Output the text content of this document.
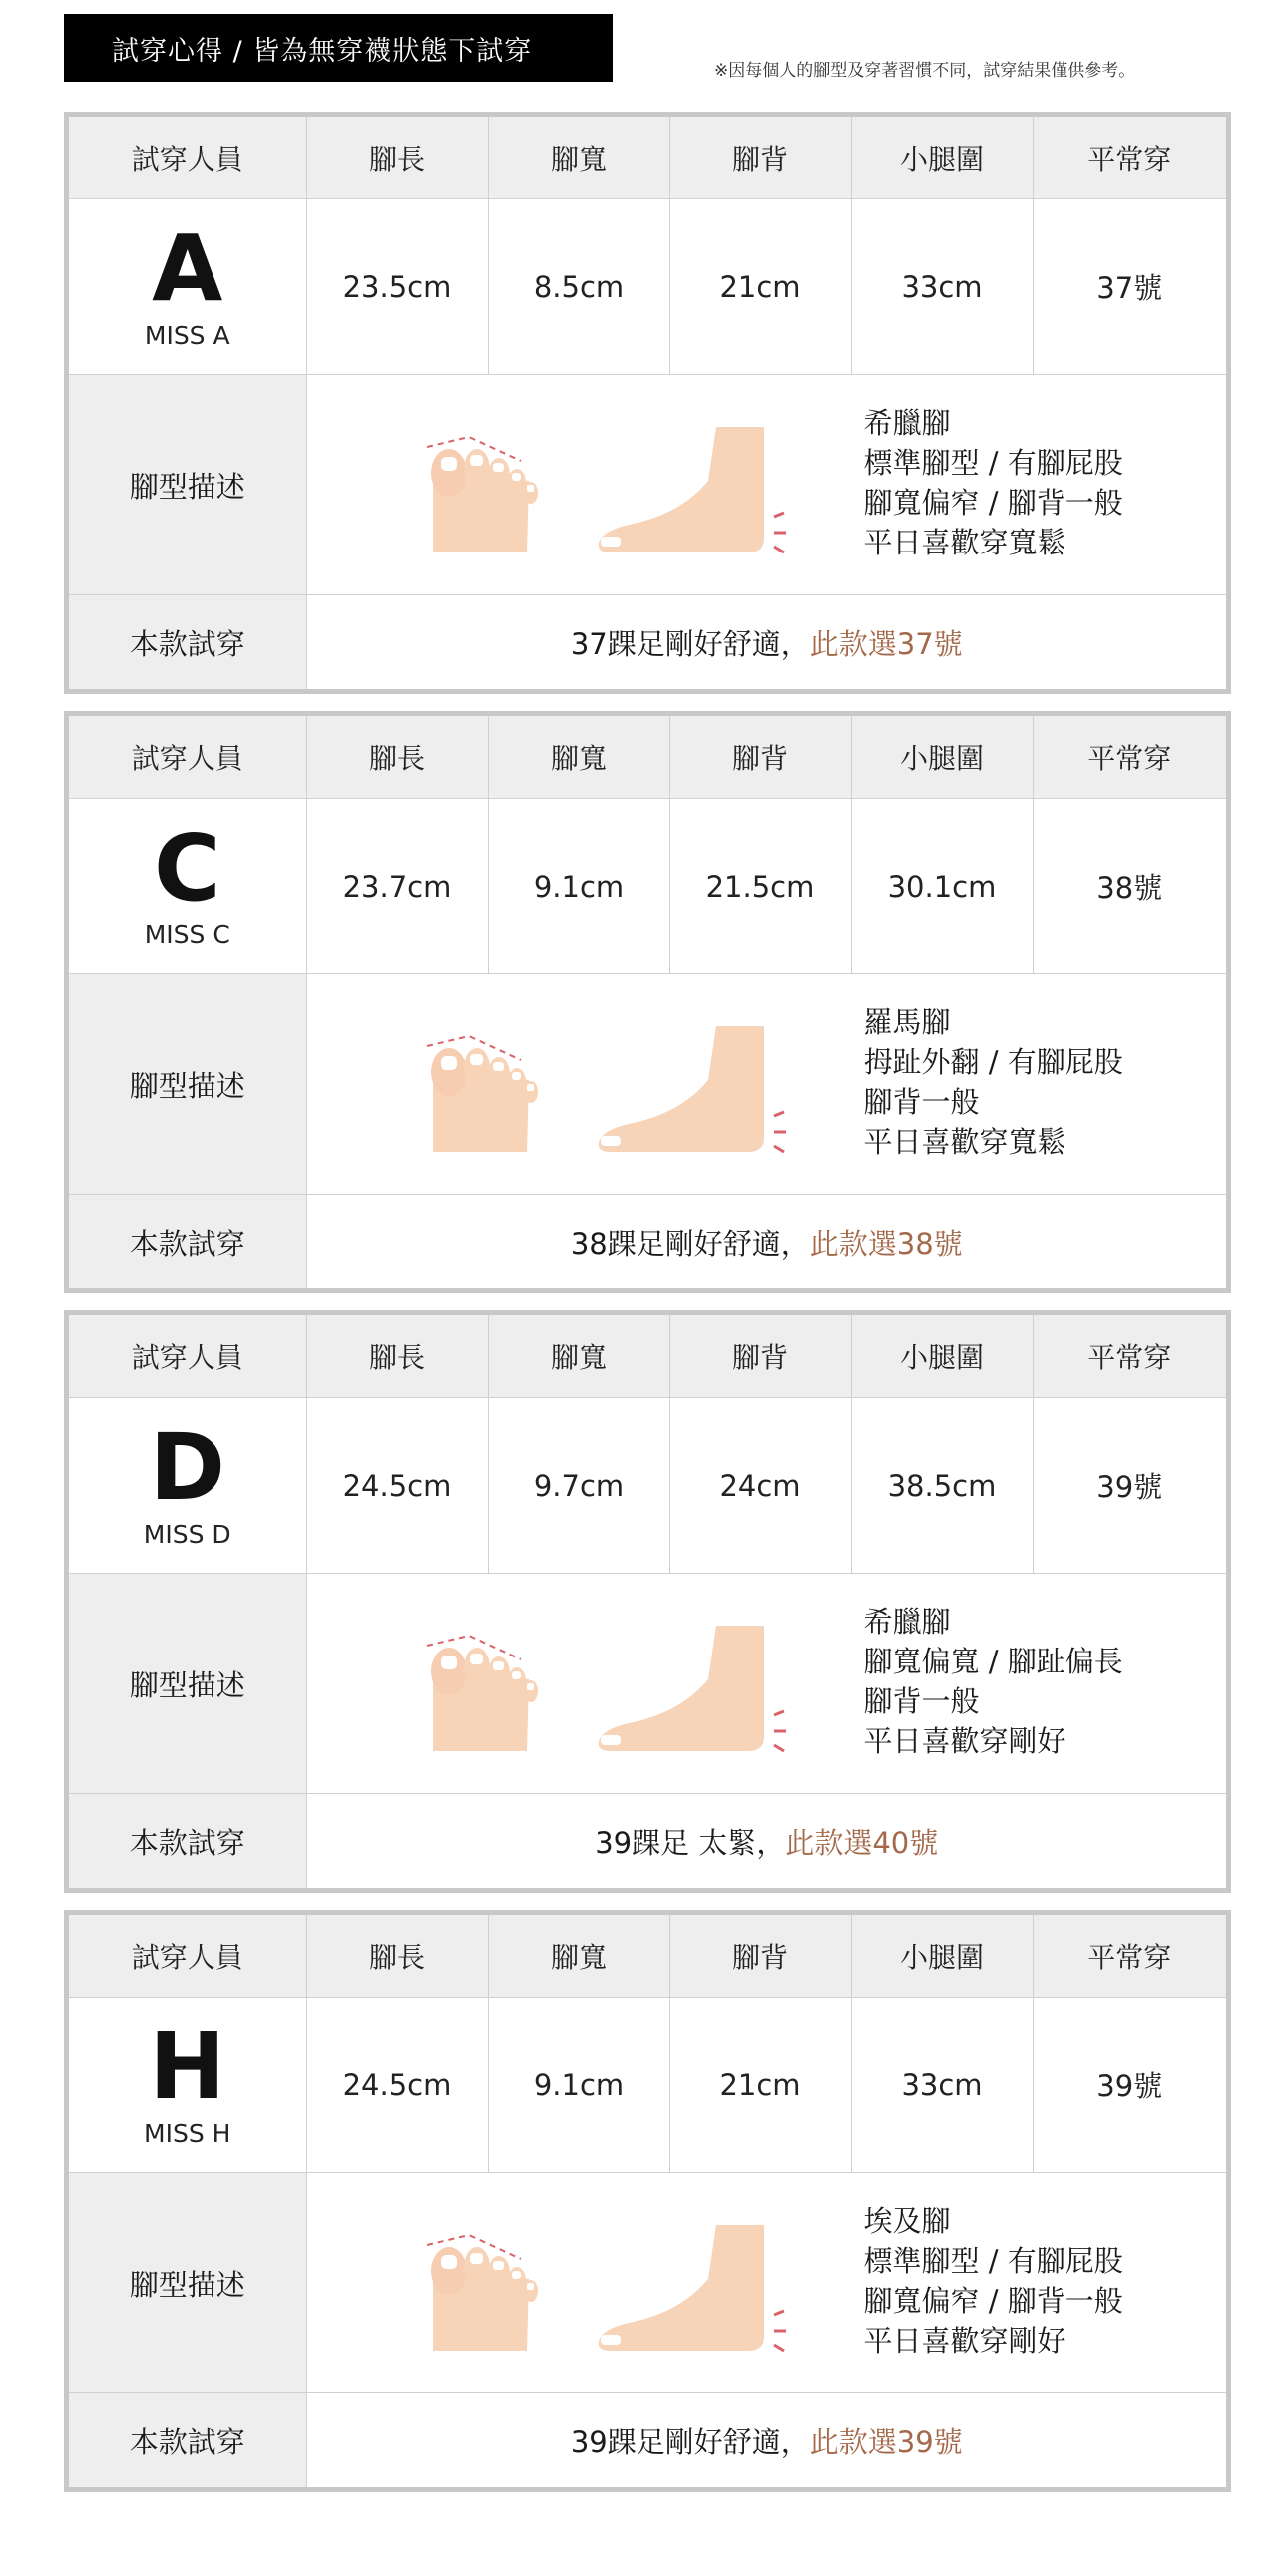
試穿心得 / 皆為無穿襪狀態下試穿
※因每個人的腳型及穿著習慣不同，試穿結果僅供參考。
試穿人員	腳長	腳寬	腳背	小腿圍	平常穿

A
MISS A	23.5cm	8.5cm	21cm	33cm	37號
腳型描述	希臘腳
標準腳型 / 有腳屁股
腳寬偏窄 / 腳背一般
平日喜歡穿寬鬆				

本款試穿	37踝足剛好舒適，此款選37號				
試穿人員	腳長	腳寬	腳背	小腿圍	平常穿

C
MISS C	23.7cm	9.1cm	21.5cm	30.1cm	38號
腳型描述	羅馬腳
拇趾外翻 / 有腳屁股
腳背一般
平日喜歡穿寬鬆				

本款試穿	38踝足剛好舒適，此款選38號				
試穿人員	腳長	腳寬	腳背	小腿圍	平常穿

D
MISS D	24.5cm	9.7cm	24cm	38.5cm	39號
腳型描述	希臘腳
腳寬偏寬 / 腳趾偏長
腳背一般
平日喜歡穿剛好				

本款試穿	39踝足 太緊，此款選40號				
試穿人員	腳長	腳寬	腳背	小腿圍	平常穿

H
MISS H	24.5cm	9.1cm	21cm	33cm	39號
腳型描述	埃及腳
標準腳型 / 有腳屁股
腳寬偏窄 / 腳背一般
平日喜歡穿剛好				

本款試穿	39踝足剛好舒適，此款選39號				
